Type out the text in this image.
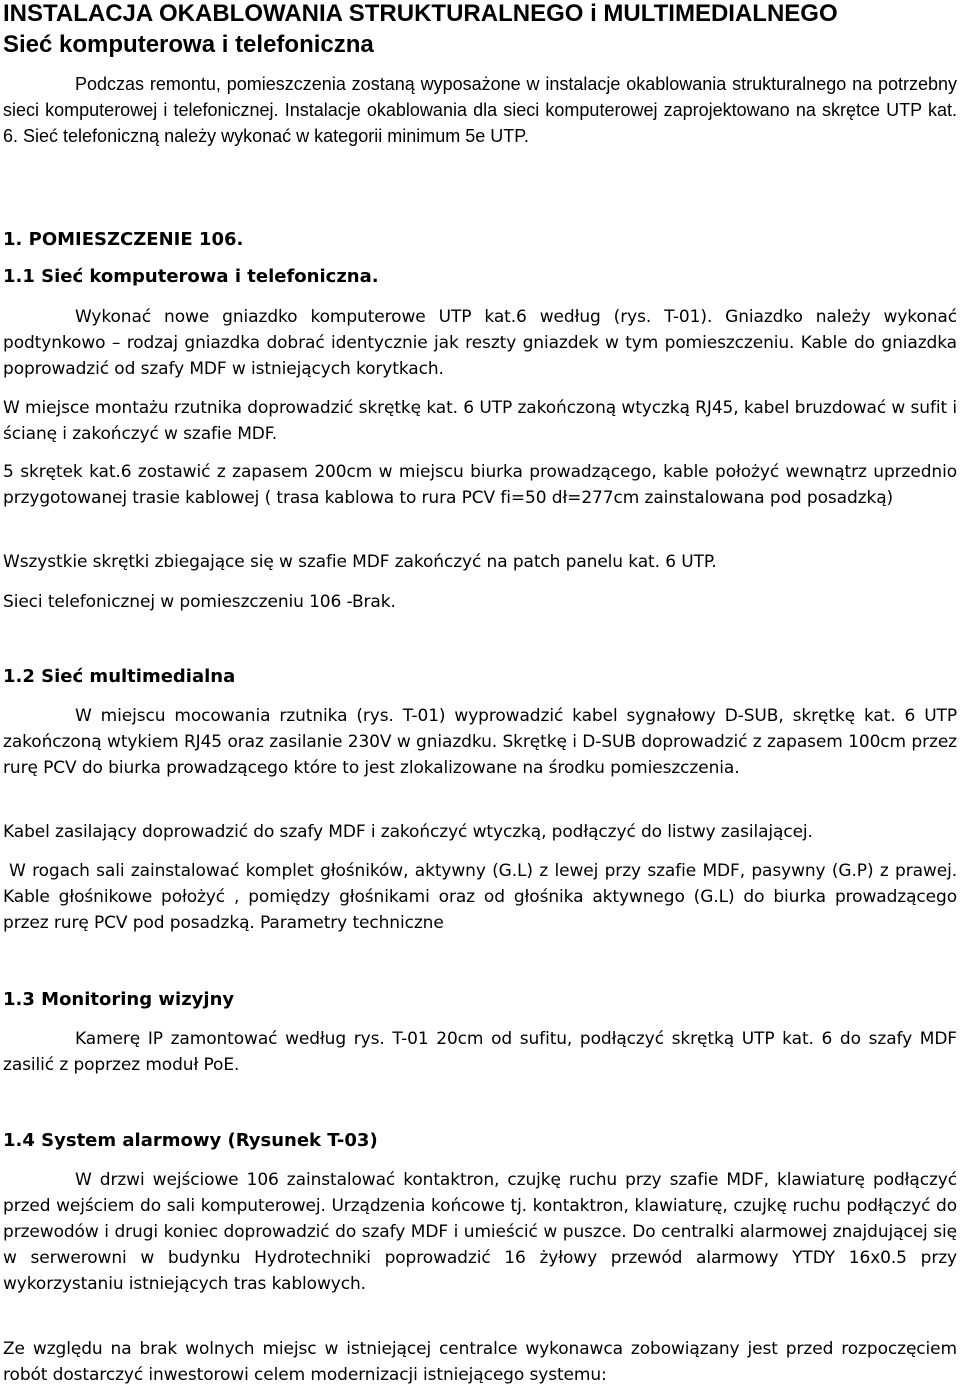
INSTALACJA OKABLOWANIA STRUKTURALNEGO i MULTIMEDIALNEGO
Sieć komputerowa i telefoniczna

Podczas remontu, pomieszczenia zostaną wyposażone w instalacje okablowania strukturalnego na potrzebny sieci komputerowej i telefonicznej. Instalacje okablowania dla sieci komputerowej zaprojektowano na skrętce UTP kat. 6. Sieć telefoniczną należy wykonać w kategorii minimum 5e UTP.

1. POMIESZCZENIE 106.
1.1 Sieć komputerowa i telefoniczna.

Wykonać nowe gniazdko komputerowe UTP kat.6 według (rys. T-01). Gniazdko należy wykonać podtynkowo – rodzaj gniazdka dobrać identycznie jak reszty gniazdek w tym pomieszczeniu. Kable do gniazdka poprowadzić od szafy MDF w istniejących korytkach.

W miejsce montażu rzutnika doprowadzić skrętkę kat. 6 UTP zakończoną wtyczką RJ45, kabel bruzdować w sufit i ścianę i zakończyć w szafie MDF.

5 skrętek kat.6 zostawić z zapasem 200cm w miejscu biurka prowadzącego, kable położyć wewnątrz uprzednio przygotowanej trasie kablowej ( trasa kablowa to rura PCV fi=50 dł=277cm zainstalowana pod posadzką)

Wszystkie skrętki zbiegające się w szafie MDF zakończyć na patch panelu kat. 6 UTP.

Sieci telefonicznej w pomieszczeniu 106 -Brak.

1.2 Sieć multimedialna

W miejscu mocowania rzutnika (rys. T-01) wyprowadzić kabel sygnałowy D-SUB, skrętkę kat. 6 UTP zakończoną wtykiem RJ45 oraz zasilanie 230V w gniazdku. Skrętkę i D-SUB doprowadzić z zapasem 100cm przez rurę PCV do biurka prowadzącego które to jest zlokalizowane na środku pomieszczenia.

Kabel zasilający doprowadzić do szafy MDF i zakończyć wtyczką, podłączyć do listwy zasilającej.

W rogach sali zainstalować komplet głośników, aktywny (G.L) z lewej przy szafie MDF, pasywny (G.P) z prawej. Kable głośnikowe położyć , pomiędzy głośnikami oraz od głośnika aktywnego (G.L) do biurka prowadzącego przez rurę PCV pod posadzką. Parametry techniczne

1.3 Monitoring wizyjny

Kamerę IP zamontować według rys. T-01 20cm od sufitu, podłączyć skrętką UTP kat. 6 do szafy MDF zasilić z poprzez moduł PoE.

1.4 System alarmowy (Rysunek T-03)

W drzwi wejściowe 106 zainstalować kontaktron, czujkę ruchu przy szafie MDF, klawiaturę podłączyć przed wejściem do sali komputerowej. Urządzenia końcowe tj. kontaktron, klawiaturę, czujkę ruchu podłączyć do przewodów i drugi koniec doprowadzić do szafy MDF i umieścić w puszce. Do centralki alarmowej znajdującej się w serwerowni w budynku Hydrotechniki poprowadzić 16 żyłowy przewód alarmowy YTDY 16x0.5 przy wykorzystaniu istniejących tras kablowych.

Ze względu na brak wolnych miejsc w istniejącej centralce wykonawca zobowiązany jest przed rozpoczęciem robót dostarczyć inwestorowi celem modernizacji istniejącego systemu:
